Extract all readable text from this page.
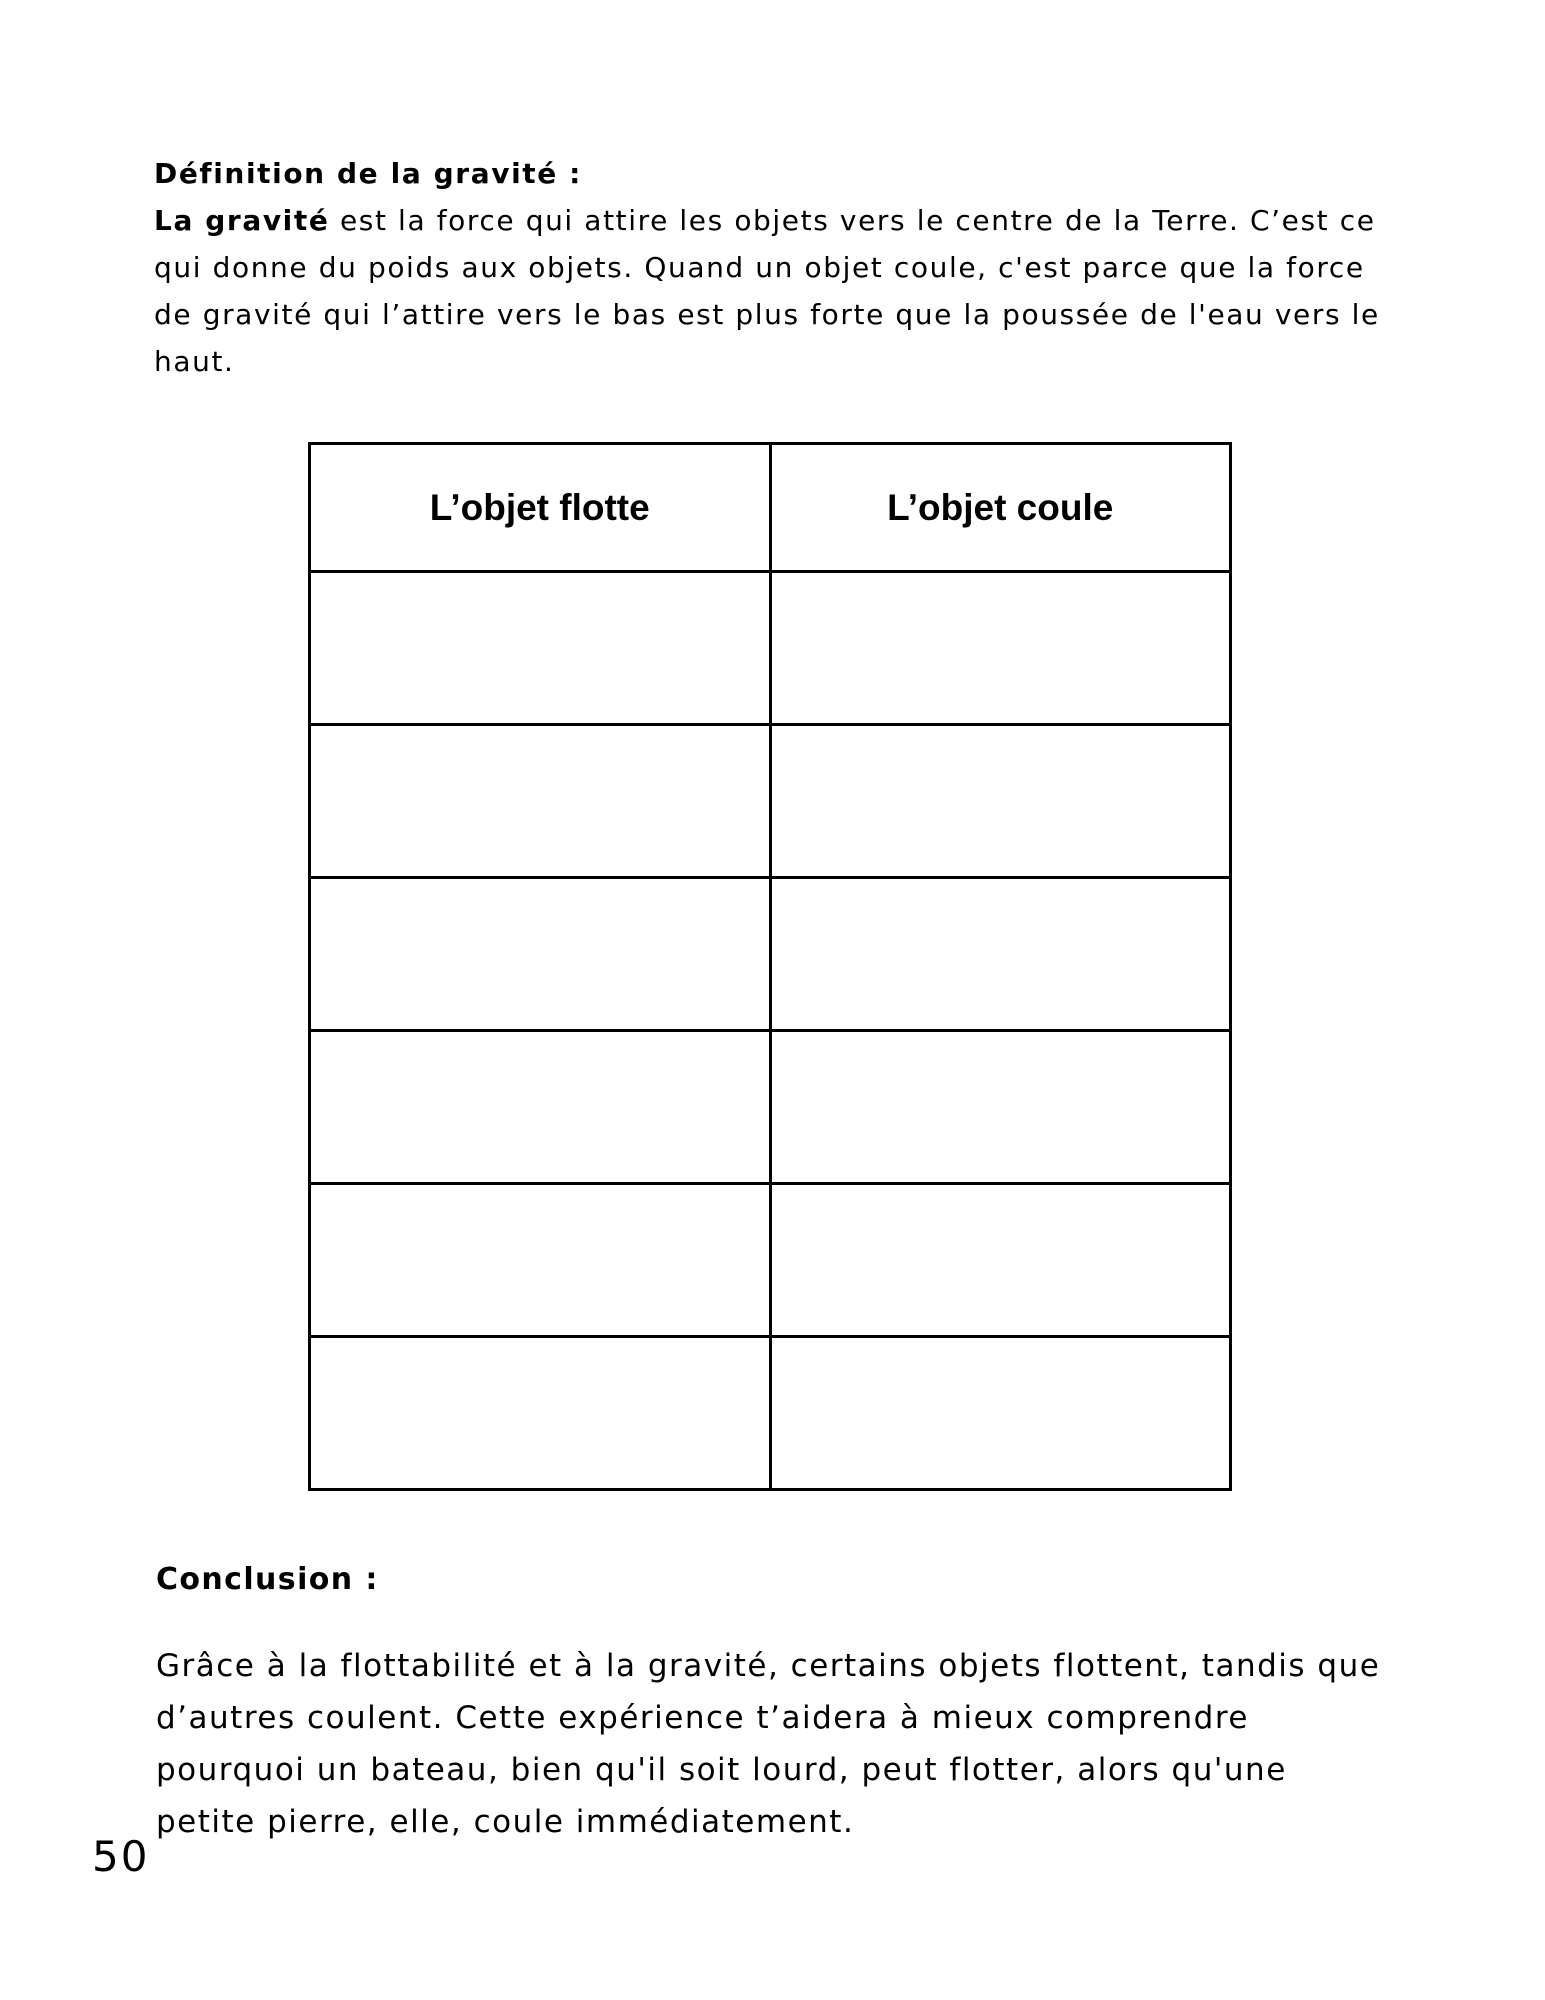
Définition de la gravité :
La gravité est la force qui attire les objets vers le centre de la Terre. C’est ce qui donne du poids aux objets. Quand un objet coule, c'est parce que la force de gravité qui l’attire vers le bas est plus forte que la poussée de l'eau vers le haut.
L’objet flotte	L’objet coule

Conclusion :
Grâce à la flottabilité et à la gravité, certains objets flottent, tandis que d’autres coulent. Cette expérience t’aidera à mieux comprendre pourquoi un bateau, bien qu'il soit lourd, peut flotter, alors qu'une petite pierre, elle, coule immédiatement.
50
